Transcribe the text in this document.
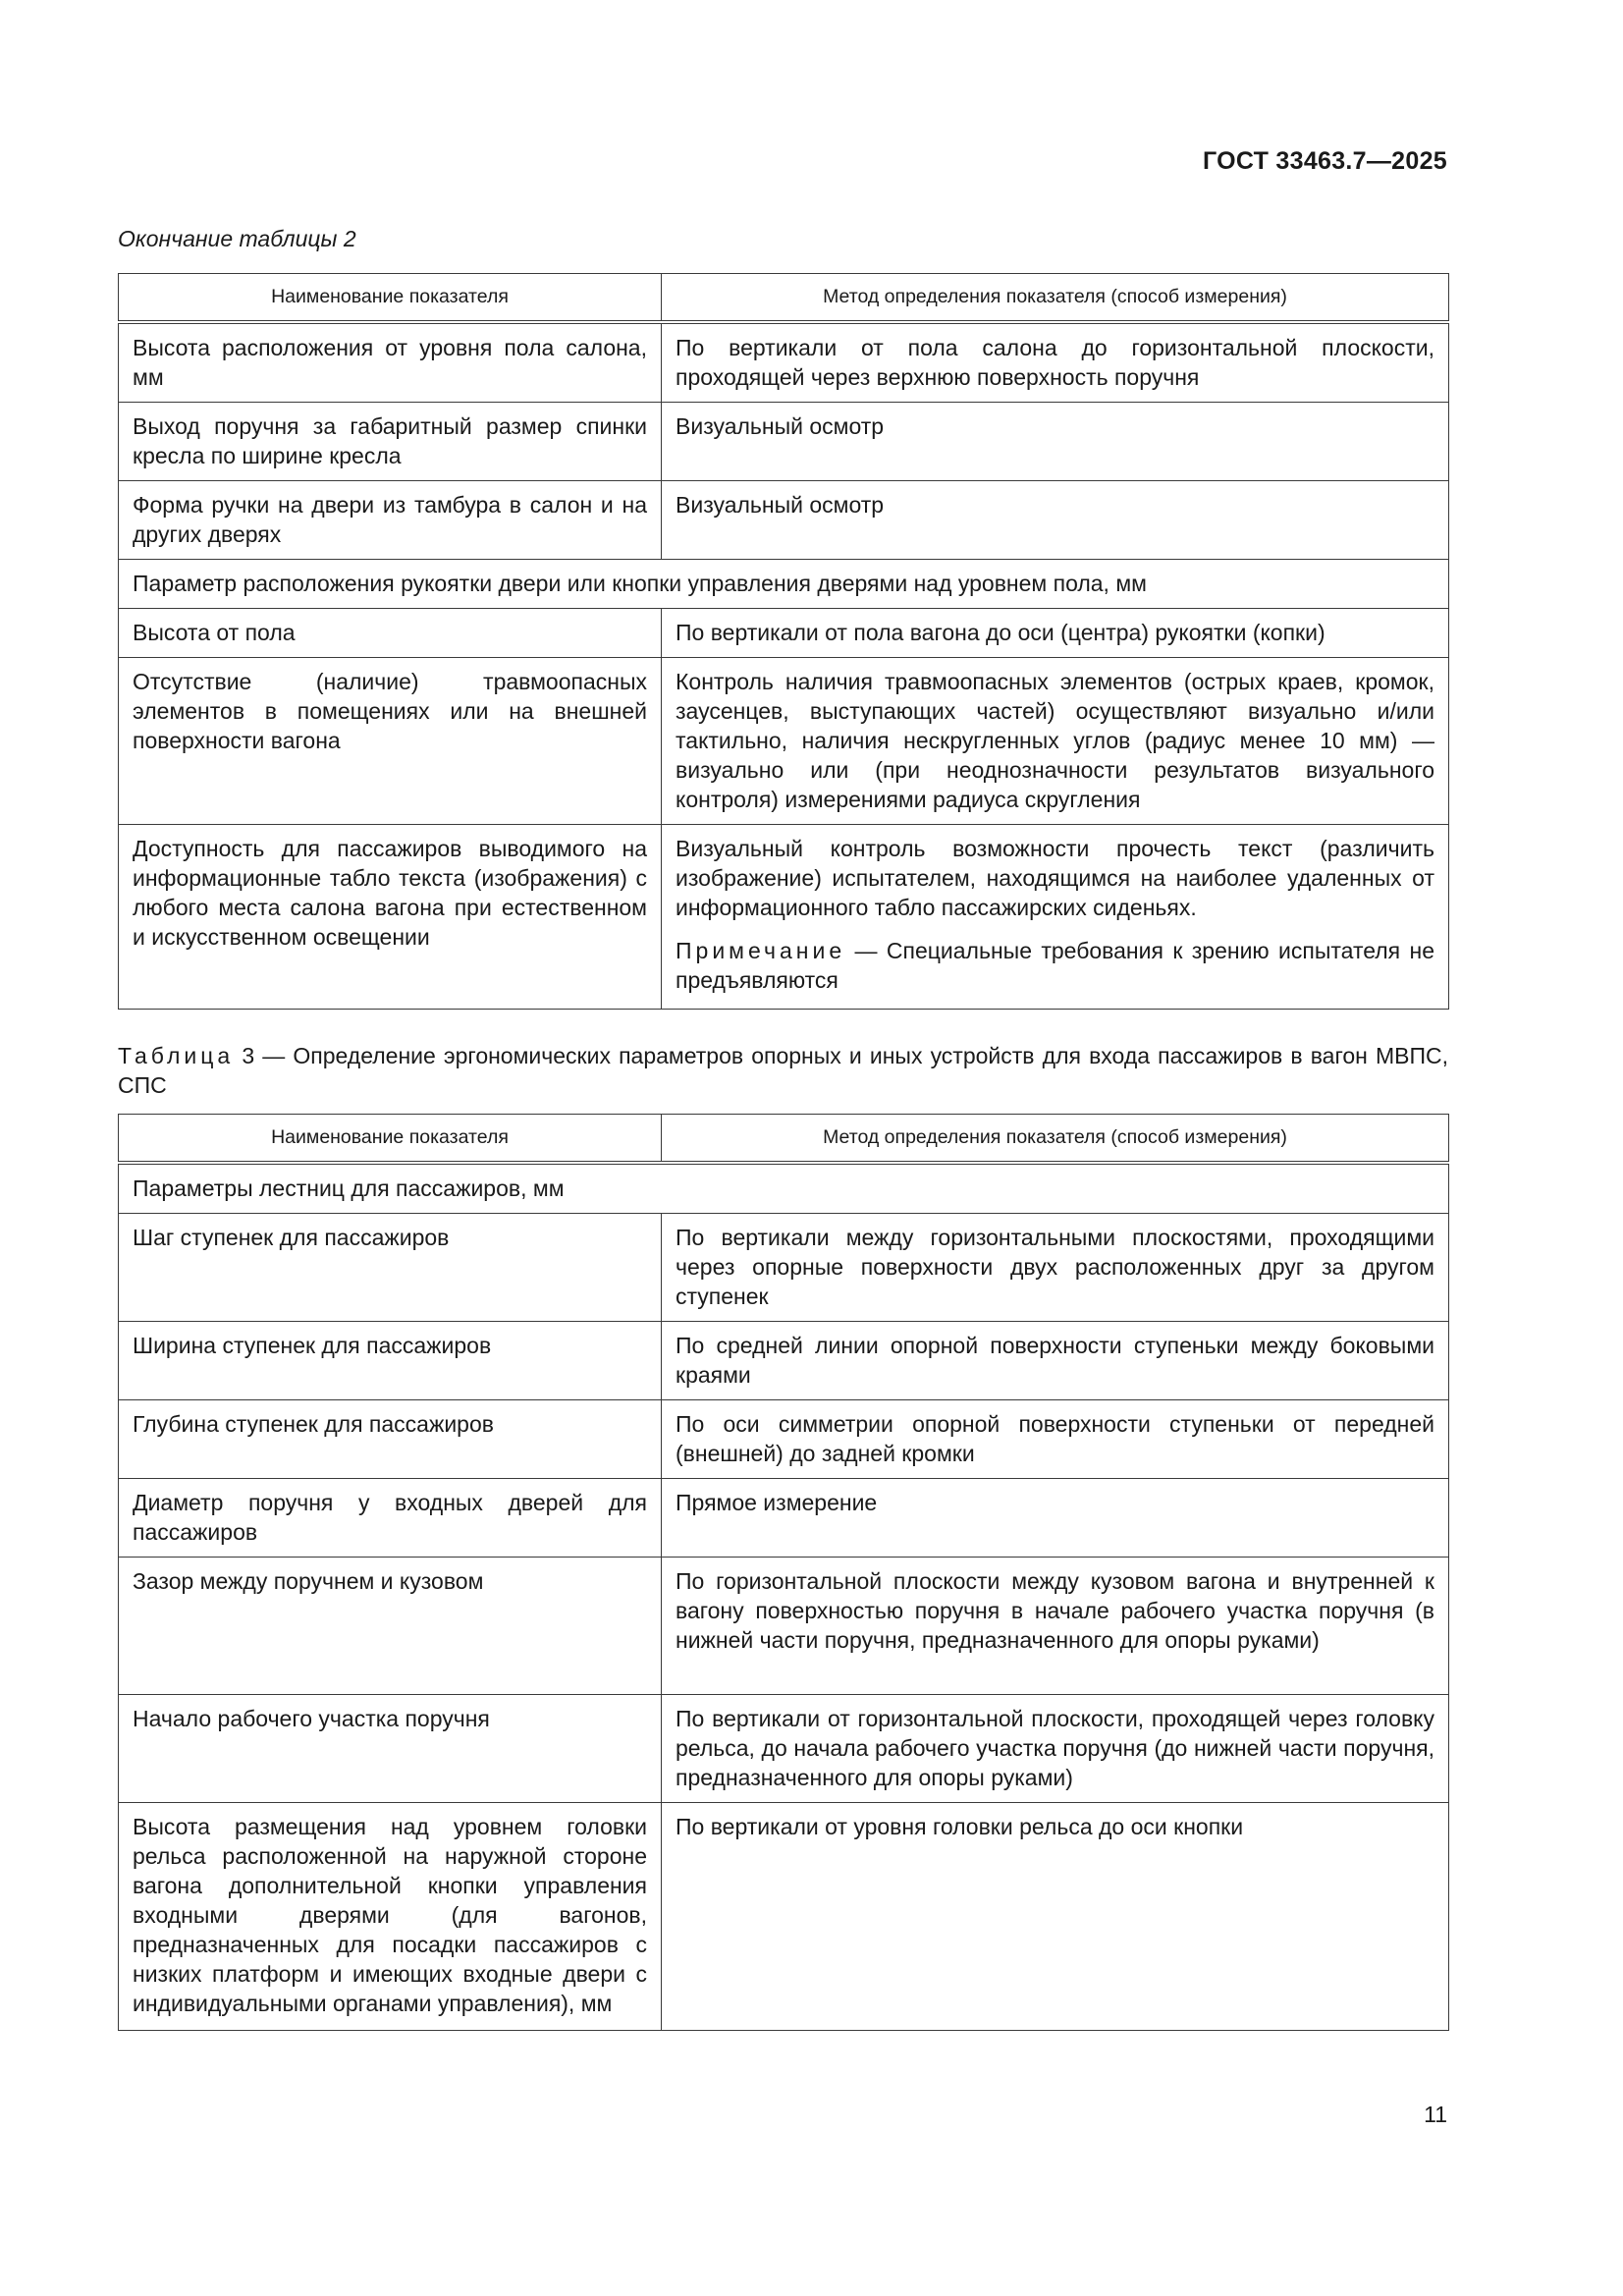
ГОСТ 33463.7—2025
Окончание таблицы 2
Наименование показателя	Метод определения показателя (способ измерения)
Высота расположения от уровня пола салона, мм	По вертикали от пола салона до горизонтальной плоскости, проходящей через верхнюю поверхность поручня
Выход поручня за габаритный размер спинки кресла по ширине кресла	Визуальный осмотр
Форма ручки на двери из тамбура в салон и на других дверях	Визуальный осмотр
Параметр расположения рукоятки двери или кнопки управления дверями над уровнем пола, мм	
Высота от пола	По вертикали от пола вагона до оси (центра) рукоятки (копки)
Отсутствие (наличие) травмоопасных элементов в помещениях или на внешней поверхности вагона	Контроль наличия травмоопасных элементов (острых краев, кромок, заусенцев, выступающих частей) осуществляют визуально и/или тактильно, наличия нескругленных углов (радиус менее 10 мм) — визуально или (при неоднозначности результатов визуального контроля) измерениями радиуса скругления
Доступность для пассажиров выводимого на информационные табло текста (изображения) с любого места салона вагона при естественном и искусственном освещении	Визуальный контроль возможности прочесть текст (различить изображение) испытателем, находящимся на наиболее удаленных от информационного табло пассажирских сиденьях.
Примечание — Специальные требования к зрению испытателя не предъявляются
Таблица 3 — Определение эргономических параметров опорных и иных устройств для входа пассажиров в вагон МВПС, СПС
Наименование показателя	Метод определения показателя (способ измерения)
Параметры лестниц для пассажиров, мм	
Шаг ступенек для пассажиров	По вертикали между горизонтальными плоскостями, проходящими через опорные поверхности двух расположенных друг за другом ступенек
Ширина ступенек для пассажиров	По средней линии опорной поверхности ступеньки между боковыми краями
Глубина ступенек для пассажиров	По оси симметрии опорной поверхности ступеньки от передней (внешней) до задней кромки
Диаметр поручня у входных дверей для пассажиров	Прямое измерение
Зазор между поручнем и кузовом	По горизонтальной плоскости между кузовом вагона и внутренней к вагону поверхностью поручня в начале рабочего участка поручня (в нижней части поручня, предназначенного для опоры руками)
Начало рабочего участка поручня	По вертикали от горизонтальной плоскости, проходящей через головку рельса, до начала рабочего участка поручня (до нижней части поручня, предназначенного для опоры руками)
Высота размещения над уровнем головки рельса расположенной на наружной стороне вагона дополнительной кнопки управления входными дверями (для вагонов, предназначенных для посадки пассажиров с низких платформ и имеющих входные двери с индивидуальными органами управления), мм	По вертикали от уровня головки рельса до оси кнопки
11
